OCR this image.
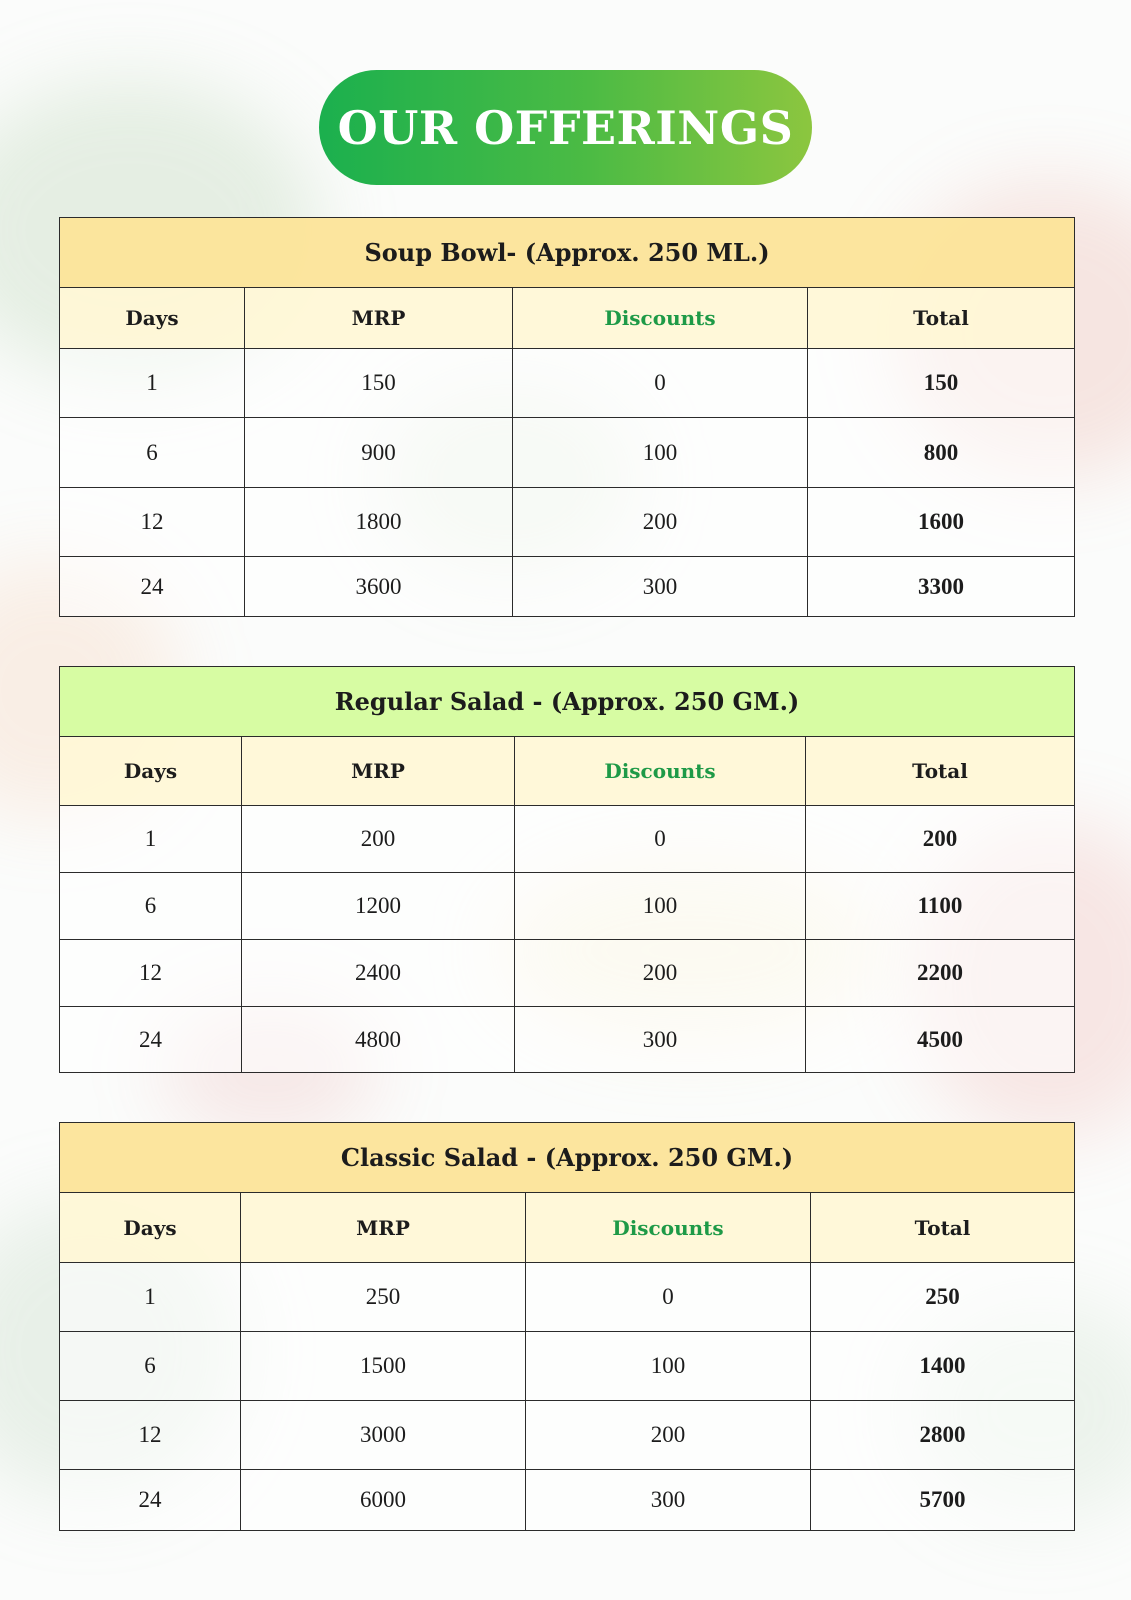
OUR OFFERINGS
Soup Bowl- (Approx. 250 ML.)			
Days	MRP	Discounts	Total
1	150	0	150
6	900	100	800
12	1800	200	1600
24	3600	300	3300
Regular Salad - (Approx. 250 GM.)			
Days	MRP	Discounts	Total
1	200	0	200
6	1200	100	1100
12	2400	200	2200
24	4800	300	4500
Classic Salad - (Approx. 250 GM.)			
Days	MRP	Discounts	Total
1	250	0	250
6	1500	100	1400
12	3000	200	2800
24	6000	300	5700
